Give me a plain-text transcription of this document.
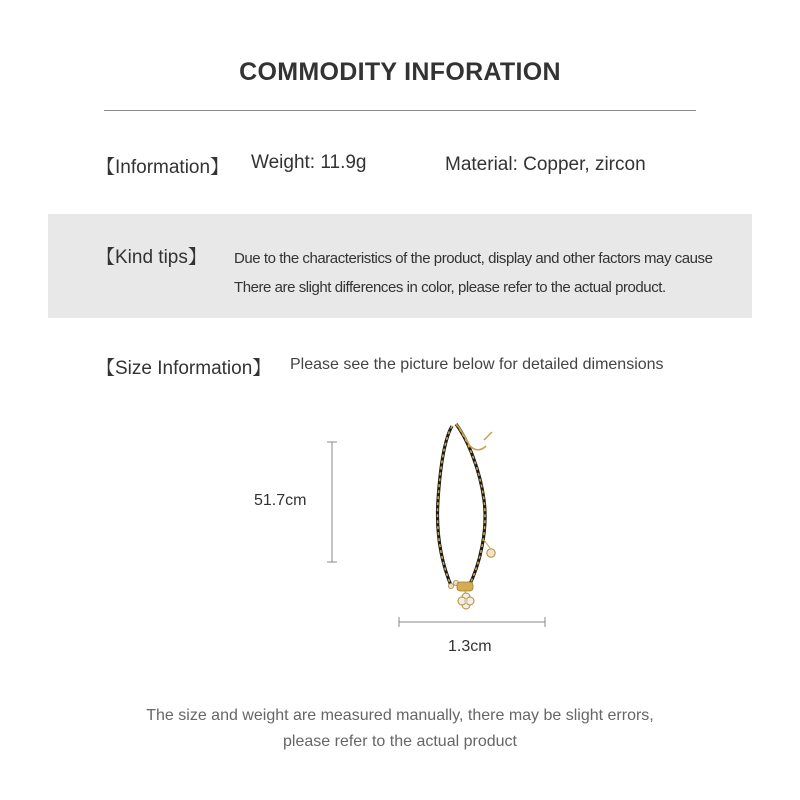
COMMODITY INFORATION
【Information】 Weight: 11.9g	Material: Copper, zircon
【Kind tips】 Due to the characteristics of the product, display and other factors may cause
There are slight differences in color, please refer to the actual product.
【Size Information】 Please see the picture below for detailed dimensions
51.7cm
1.3cm
The size and weight are measured manually, there may be slight errors,
please refer to the actual product
